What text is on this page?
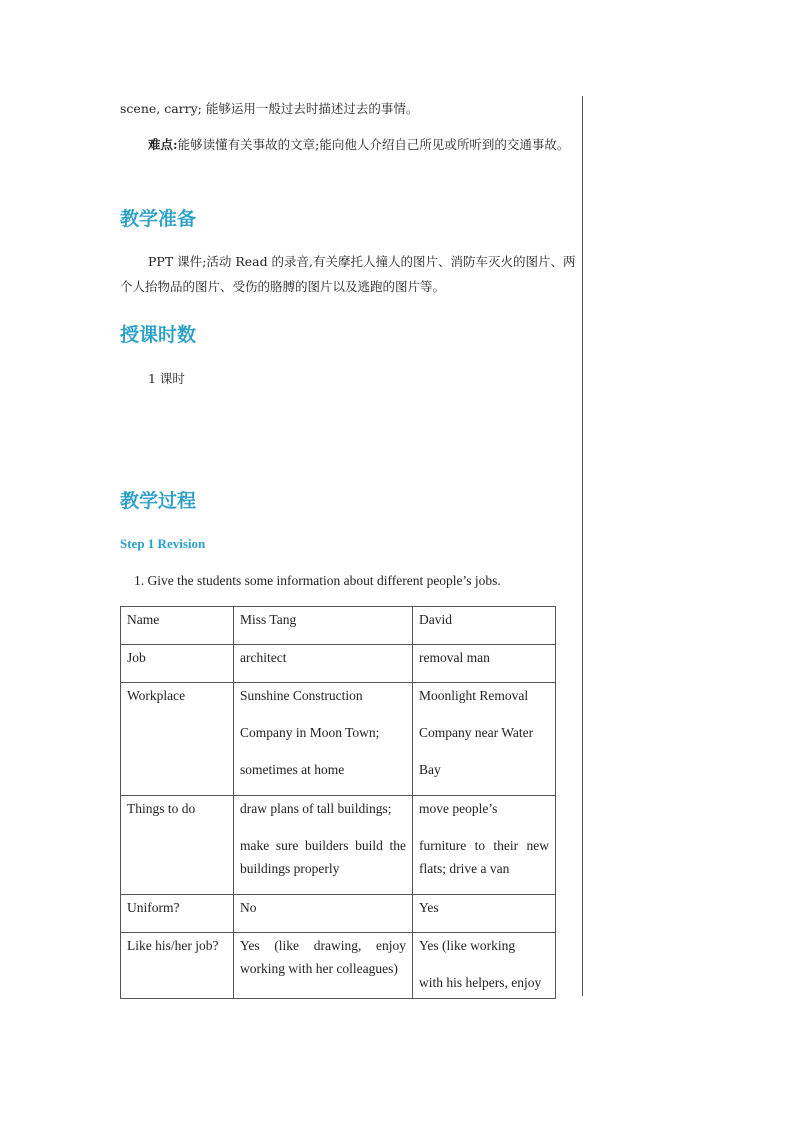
scene, carry; 能够运用一般过去时描述过去的事情。
难点:能够读懂有关事故的文章;能向他人介绍自己所见或所听到的交通事故。
教学准备
PPT 课件;活动 Read 的录音,有关摩托人撞人的图片、消防车灭火的图片、两个人抬物品的图片、受伤的胳膊的图片以及逃跑的图片等。
授课时数
1 课时
教学过程
Step 1 Revision
1. Give the students some information about different people’s jobs.
Name	Miss Tang	David
Job	architect	removal man

Workplace	Sunshine Construction
Company in Moon Town;
sometimes at home	Moonlight Removal
Company near Water
Bay

Things to do	draw plans of tall buildings;
make sure builders build the
buildings properly	move people’s
furniture to their new
flats; drive a van

Uniform?	No	Yes

Like his/her job?	Yes (like drawing, enjoy
working with her colleagues)	Yes (like working
with his helpers, enjoy
